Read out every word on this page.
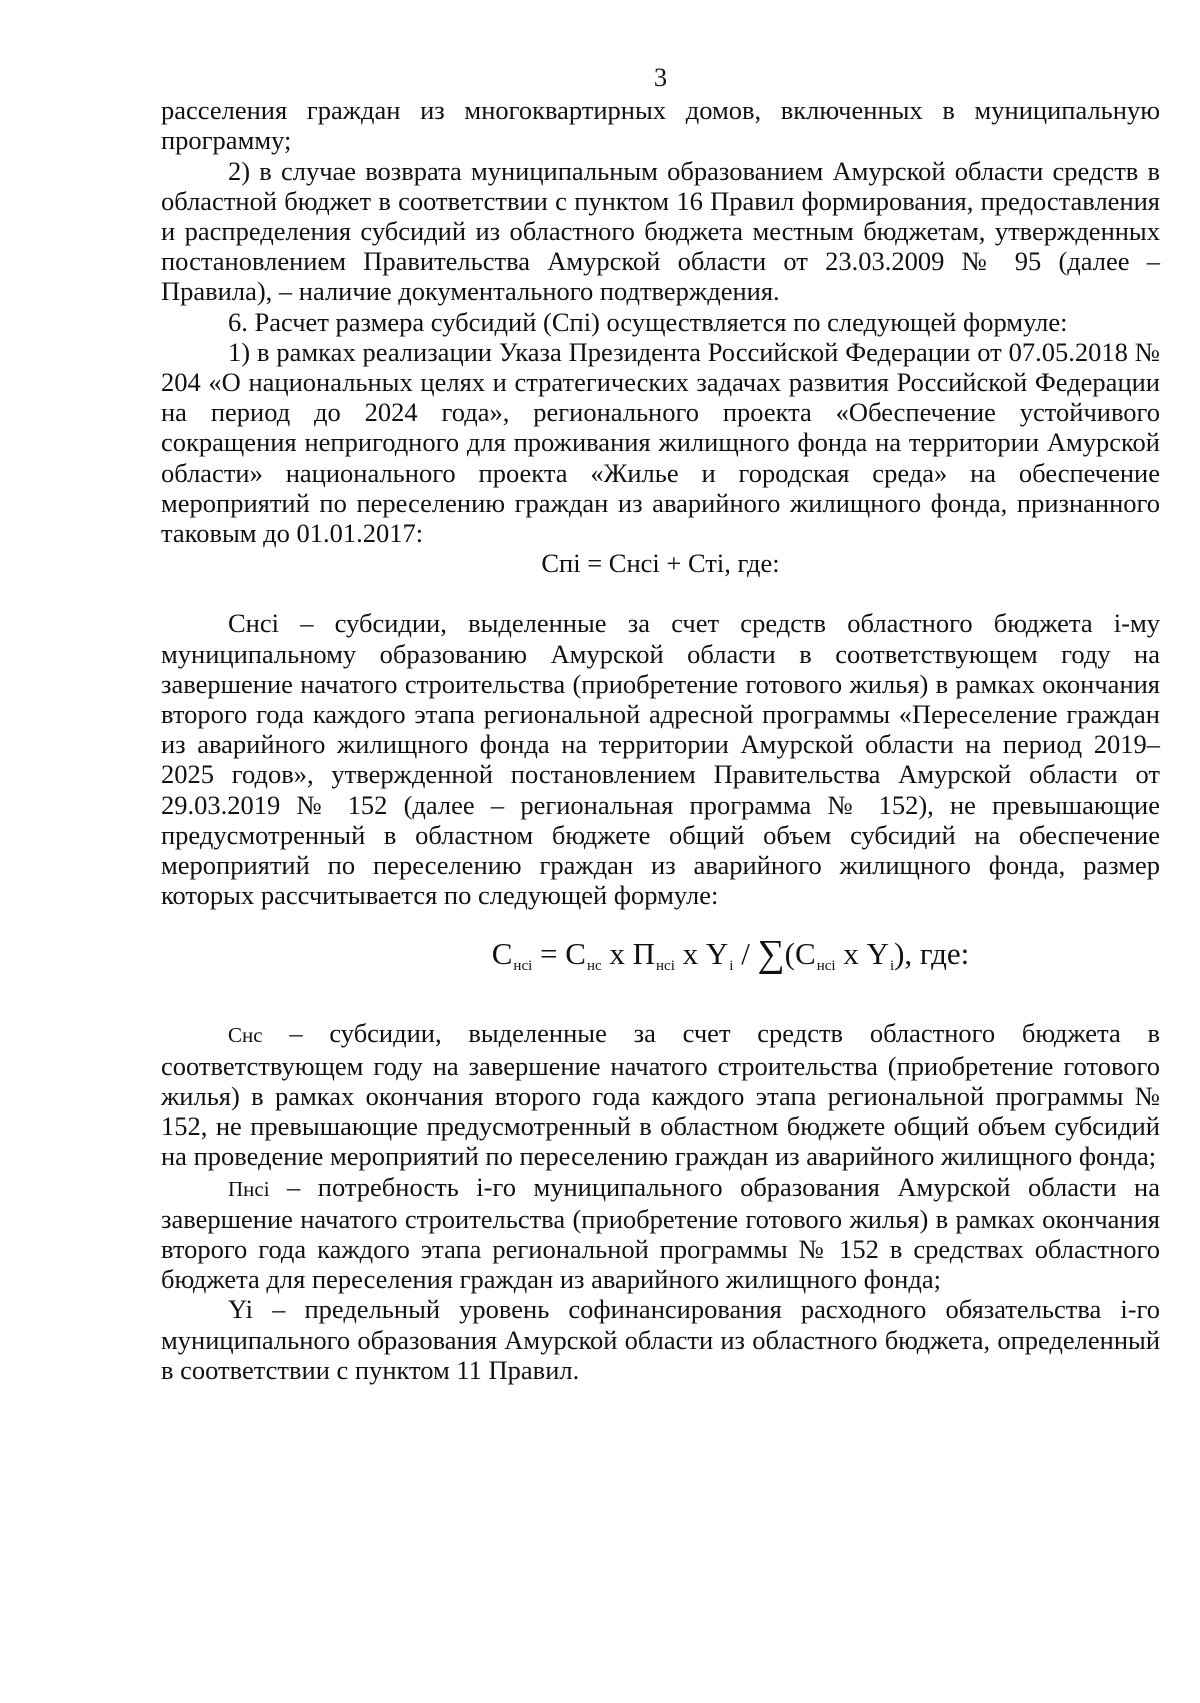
3

расселения граждан из многоквартирных домов, включенных в муниципальную программу;

2) в случае возврата муниципальным образованием Амурской области средств в областной бюджет в соответствии с пунктом 16 Правил формирования, предоставления и распределения субсидий из областного бюджета местным бюджетам, утвержденных постановлением Правительства Амурской области от 23.03.2009 № 95 (далее – Правила), – наличие документального подтверждения.

6. Расчет размера субсидий (Спi) осуществляется по следующей формуле:

1) в рамках реализации Указа Президента Российской Федерации от 07.05.2018 № 204 «О национальных целях и стратегических задачах развития Российской Федерации на период до 2024 года», регионального проекта «Обеспечение устойчивого сокращения непригодного для проживания жилищного фонда на территории Амурской области» национального проекта «Жилье и городская среда» на обеспечение мероприятий по переселению граждан из аварийного жилищного фонда, признанного таковым до 01.01.2017:

Спi = Снсi + Стi, где:

Снсi – субсидии, выделенные за счет средств областного бюджета i-му муниципальному образованию Амурской области в соответствующем году на завершение начатого строительства (приобретение готового жилья) в рамках окончания второго года каждого этапа региональной адресной программы «Переселение граждан из аварийного жилищного фонда на территории Амурской области на период 2019–2025 годов», утвержденной постановлением Правительства Амурской области от 29.03.2019 № 152 (далее – региональная программа № 152), не превышающие предусмотренный в областном бюджете общий объем субсидий на обеспечение мероприятий по переселению граждан из аварийного жилищного фонда, размер которых рассчитывается по следующей формуле:

$С_{нсi} = С_{нс}$ х $П_{нсi}$ х $Y_i / \sum(С_{нсi}$ х $Y_i$), где:

Снс – субсидии, выделенные за счет средств областного бюджета в соответствующем году на завершение начатого строительства (приобретение готового жилья) в рамках окончания второго года каждого этапа региональной программы № 152, не превышающие предусмотренный в областном бюджете общий объем субсидий на проведение мероприятий по переселению граждан из аварийного жилищного фонда;

Пнсi – потребность i-го муниципального образования Амурской области на завершение начатого строительства (приобретение готового жилья) в рамках окончания второго года каждого этапа региональной программы № 152 в средствах областного бюджета для переселения граждан из аварийного жилищного фонда;

Yi – предельный уровень софинансирования расходного обязательства i-го муниципального образования Амурской области из областного бюджета, определенный в соответствии с пунктом 11 Правил.
